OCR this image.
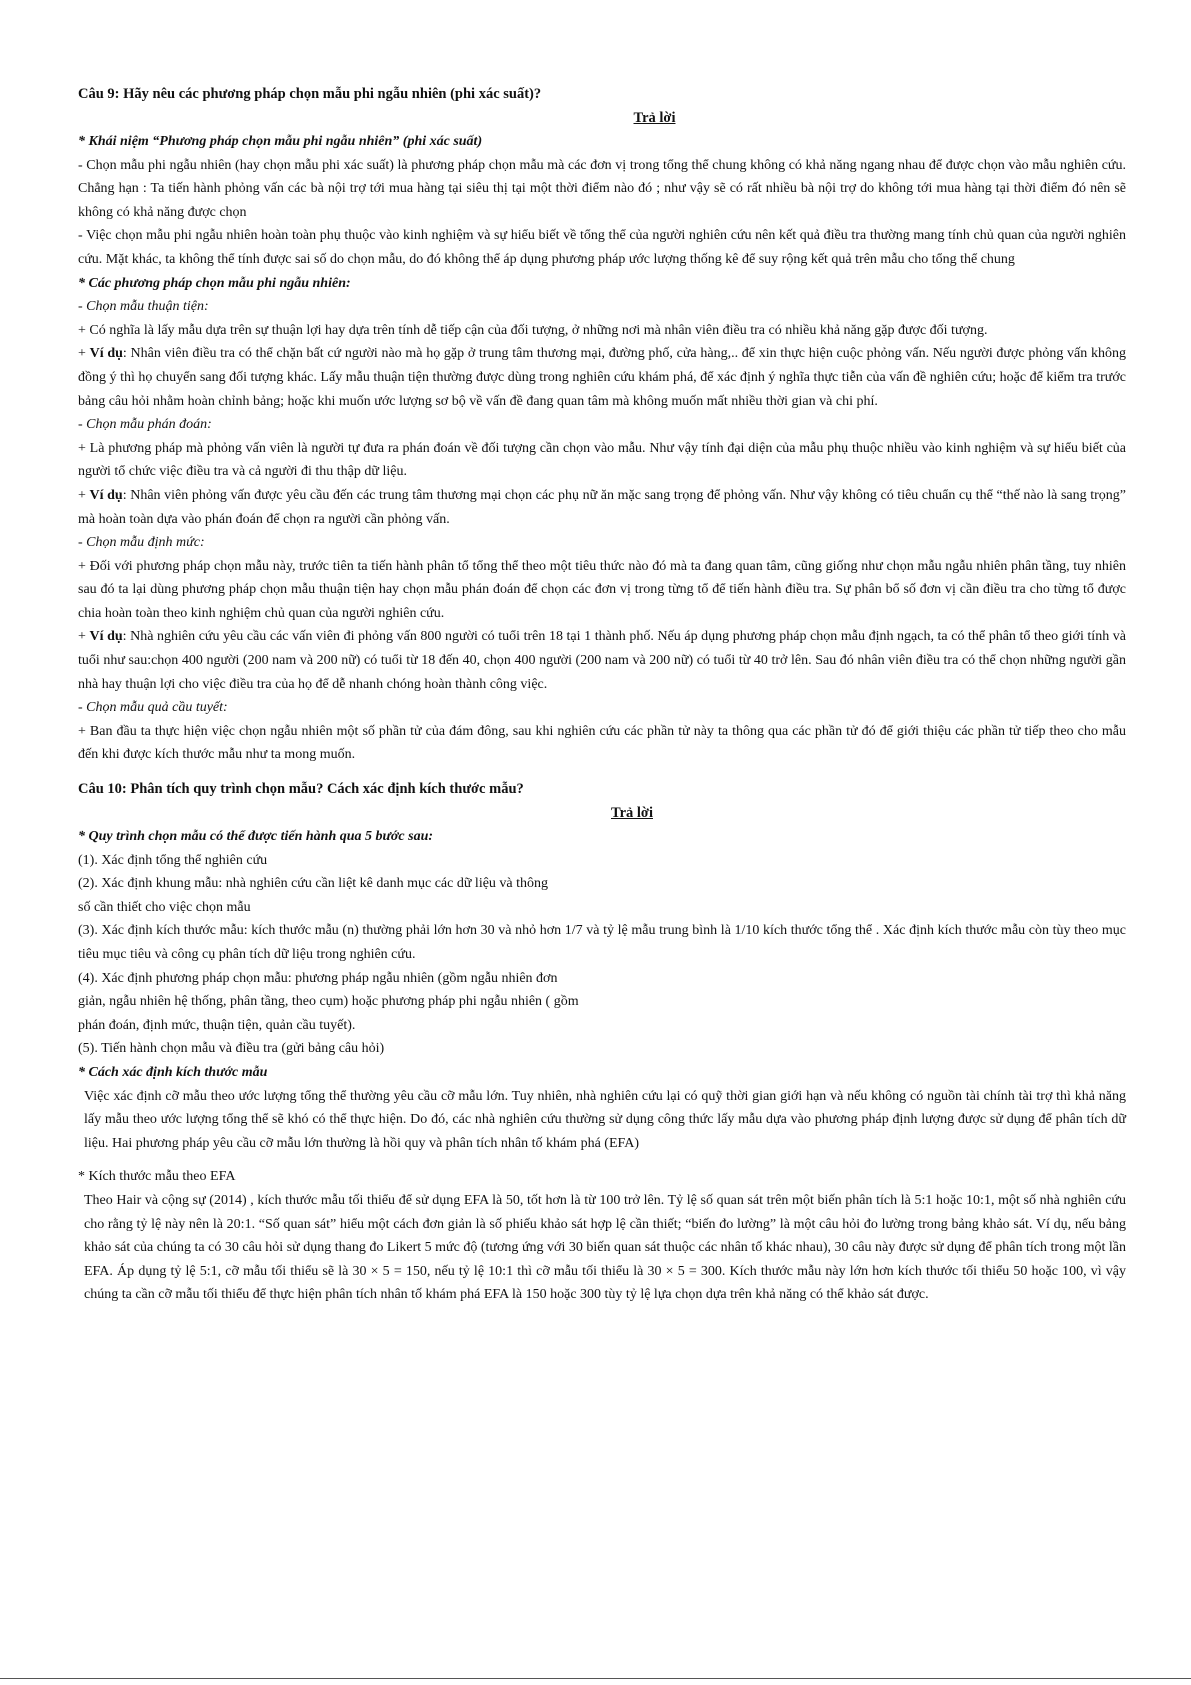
Câu 9: Hãy nêu các phương pháp chọn mẫu phi ngẫu nhiên (phi xác suất)?

Trả lời

* Khái niệm “Phương pháp chọn mẫu phi ngẫu nhiên” (phi xác suất)

- Chọn mẫu phi ngẫu nhiên (hay chọn mẫu phi xác suất) là phương pháp chọn mẫu mà các đơn vị trong tổng thể chung không có khả năng ngang nhau để được chọn vào mẫu nghiên cứu. Chẳng hạn : Ta tiến hành phỏng vấn các bà nội trợ tới mua hàng tại siêu thị tại một thời điểm nào đó ; như vậy sẽ có rất nhiều bà nội trợ do không tới mua hàng tại thời điểm đó nên sẽ không có khả năng được chọn

- Việc chọn mẫu phi ngẫu nhiên hoàn toàn phụ thuộc vào kinh nghiệm và sự hiểu biết về tổng thể của người nghiên cứu nên kết quả điều tra thường mang tính chủ quan của người nghiên cứu. Mặt khác, ta không thể tính được sai số do chọn mẫu, do đó không thể áp dụng phương pháp ước lượng thống kê để suy rộng kết quả trên mẫu cho tổng thể chung

* Các phương pháp chọn mẫu phi ngẫu nhiên:

- Chọn mẫu thuận tiện:

+ Có nghĩa là lấy mẫu dựa trên sự thuận lợi hay dựa trên tính dễ tiếp cận của đối tượng, ở những nơi mà nhân viên điều tra có nhiều khả năng gặp được đối tượng.

+ Ví dụ: Nhân viên điều tra có thể chặn bất cứ người nào mà họ gặp ở trung tâm thương mại, đường phố, cửa hàng,.. để xin thực hiện cuộc phỏng vấn. Nếu người được phỏng vấn không đồng ý thì họ chuyển sang đối tượng khác. Lấy mẫu thuận tiện thường được dùng trong nghiên cứu khám phá, để xác định ý nghĩa thực tiễn của vấn đề nghiên cứu; hoặc để kiểm tra trước bảng câu hỏi nhằm hoàn chỉnh bảng; hoặc khi muốn ước lượng sơ bộ về vấn đề đang quan tâm mà không muốn mất nhiều thời gian và chi phí.

- Chọn mẫu phán đoán:

+ Là phương pháp mà phỏng vấn viên là người tự đưa ra phán đoán về đối tượng cần chọn vào mẫu. Như vậy tính đại diện của mẫu phụ thuộc nhiều vào kinh nghiệm và sự hiểu biết của người tổ chức việc điều tra và cả người đi thu thập dữ liệu.

+ Ví dụ: Nhân viên phỏng vấn được yêu cầu đến các trung tâm thương mại chọn các phụ nữ ăn mặc sang trọng để phỏng vấn. Như vậy không có tiêu chuẩn cụ thể “thế nào là sang trọng” mà hoàn toàn dựa vào phán đoán để chọn ra người cần phỏng vấn.

- Chọn mẫu định mức:

+ Đối với phương pháp chọn mẫu này, trước tiên ta tiến hành phân tổ tổng thể theo một tiêu thức nào đó mà ta đang quan tâm, cũng giống như chọn mẫu ngẫu nhiên phân tầng, tuy nhiên sau đó ta lại dùng phương pháp chọn mẫu thuận tiện hay chọn mẫu phán đoán để chọn các đơn vị trong từng tổ để tiến hành điều tra. Sự phân bổ số đơn vị cần điều tra cho từng tổ được chia hoàn toàn theo kinh nghiệm chủ quan của người nghiên cứu.

+ Ví dụ: Nhà nghiên cứu yêu cầu các vấn viên đi phỏng vấn 800 người có tuổi trên 18 tại 1 thành phố. Nếu áp dụng phương pháp chọn mẫu định ngạch, ta có thể phân tổ theo giới tính và tuổi như sau:chọn 400 người (200 nam và 200 nữ) có tuổi từ 18 đến 40, chọn 400 người (200 nam và 200 nữ) có tuổi từ 40 trở lên. Sau đó nhân viên điều tra có thể chọn những người gần nhà hay thuận lợi cho việc điều tra của họ để dễ nhanh chóng hoàn thành công việc.

- Chọn mẫu quả cầu tuyết:

+ Ban đầu ta thực hiện việc chọn ngẫu nhiên một số phần tử của đám đông, sau khi nghiên cứu các phần tử này ta thông qua các phần tử đó để giới thiệu các phần tử tiếp theo cho mẫu đến khi được kích thước mẫu như ta mong muốn.

Câu 10: Phân tích quy trình chọn mẫu? Cách xác định kích thước mẫu?

Trả lời

* Quy trình chọn mẫu có thể được tiến hành qua 5 bước sau:

(1). Xác định tổng thể nghiên cứu

(2). Xác định khung mẫu: nhà nghiên cứu cần liệt kê danh mục các dữ liệu và thông

số cần thiết cho việc chọn mẫu

(3). Xác định kích thước mẫu: kích thước mẫu (n) thường phải lớn hơn 30 và nhỏ hơn 1/7 và tỷ lệ mẫu trung bình là 1/10 kích thước tổng thể . Xác định kích thước mẫu còn tùy theo mục tiêu mục tiêu và công cụ phân tích dữ liệu trong nghiên cứu.

(4). Xác định phương pháp chọn mẫu: phương pháp ngẫu nhiên (gồm ngẫu nhiên đơn

giản, ngẫu nhiên hệ thống, phân tầng, theo cụm) hoặc phương pháp phi ngẫu nhiên ( gồm

phán đoán, định mức, thuận tiện, quản cầu tuyết).

(5). Tiến hành chọn mẫu và điều tra (gửi bảng câu hỏi)

* Cách xác định kích thước mẫu

Việc xác định cỡ mẫu theo ước lượng tổng thể thường yêu cầu cỡ mẫu lớn. Tuy nhiên, nhà nghiên cứu lại có quỹ thời gian giới hạn và nếu không có nguồn tài chính tài trợ thì khả năng lấy mẫu theo ước lượng tổng thể sẽ khó có thể thực hiện. Do đó, các nhà nghiên cứu thường sử dụng công thức lấy mẫu dựa vào phương pháp định lượng được sử dụng để phân tích dữ liệu. Hai phương pháp yêu cầu cỡ mẫu lớn thường là hồi quy và phân tích nhân tố khám phá (EFA)

* Kích thước mẫu theo EFA

Theo Hair và cộng sự (2014) , kích thước mẫu tối thiểu để sử dụng EFA là 50, tốt hơn là từ 100 trở lên. Tỷ lệ số quan sát trên một biến phân tích là 5:1 hoặc 10:1, một số nhà nghiên cứu cho rằng tỷ lệ này nên là 20:1. “Số quan sát” hiểu một cách đơn giản là số phiếu khảo sát hợp lệ cần thiết; “biến đo lường” là một câu hỏi đo lường trong bảng khảo sát. Ví dụ, nếu bảng khảo sát của chúng ta có 30 câu hỏi sử dụng thang đo Likert 5 mức độ (tương ứng với 30 biến quan sát thuộc các nhân tố khác nhau), 30 câu này được sử dụng để phân tích trong một lần EFA. Áp dụng tỷ lệ 5:1, cỡ mẫu tối thiểu sẽ là 30 × 5 = 150, nếu tỷ lệ 10:1 thì cỡ mẫu tối thiểu là 30 × 5 = 300. Kích thước mẫu này lớn hơn kích thước tối thiểu 50 hoặc 100, vì vậy chúng ta cần cỡ mẫu tối thiểu để thực hiện phân tích nhân tố khám phá EFA là 150 hoặc 300 tùy tỷ lệ lựa chọn dựa trên khả năng có thể khảo sát được.
